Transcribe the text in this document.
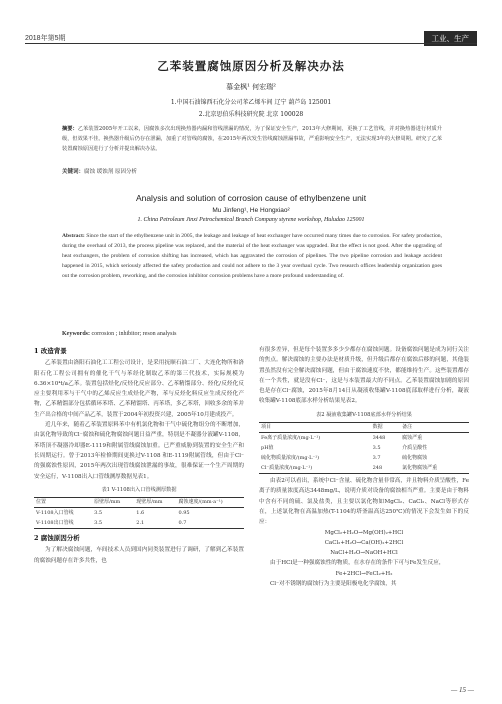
2018年第5期	工业、生产
乙苯装置腐蚀原因分析及解决办法
慕金枫¹ 何宏瑞²
1.中国石油锦西石化分公司苯乙烯车间 辽宁 葫芦岛 125001
2.北京思伯乐科技研究院 北京 100028
摘要：乙苯装置2005年开工以来，因腐蚀多次出现换热器内漏和管线泄漏的情况，为了保证安全生产，2013年大修期间，更换了工艺管线，并对换热器进行材质升级，但效果不佳。换热器升级后仍存在泄漏，加重了对管线的腐蚀，在2015年两次发生管线腐蚀泄漏事故，严重影响安全生产，无法实现3年的大修周期。研究了乙苯装置腐蚀原因进行了分析并提出解决办法。
关键词：腐蚀 缓蚀剂 原因分析
Analysis and solution of corrosion cause of ethylbenzene unit
Mu Jinfeng¹, He Hongxiao²
1. China Petroleum Jinxi Petrochemical Branch Company styrene workshop, Huludao 125001
Abstract: Since the start of the ethylbenzene unit in 2005, the leakage and leakage of heat exchanger have occurred many times due to corrosion. For safety production, during the overhaul of 2013, the process pipeline was replaced, and the material of the heat exchanger was upgraded. But the effect is not good. After the upgrading of heat exchangers, the problem of corrosion shifting has increased, which has aggravated the corrosion of pipelines. The two pipeline corrosion and leakage accident happened in 2015, which seriously affected the safety production and could not adhere to the 3 year overhaul cycle. Two research offices leadership organization goes out the corrosion problem, reworking, and the corrosion inhibitor corrosion problems have a more profound understanding of.
Keywords: corrosion ; inhibitor; reson analysis
1 改造背景
乙苯装置由洛阳石油化工工程公司设计，是采用抚顺石油二厂、大连化物所和洛阳石化工程公司拥有的催化干气与苯经化制取乙苯的第三代技术，实际规模为6.36×10⁴t/a乙苯。装置包括烃化/反烃化反应部分、乙苯精馏部分、烃化/反烃化反应主要利用苯与干气中的乙烯反应生成烃化产物，苯与反烃化料反应生成反烃化产物，乙苯精馏部分包括循环苯塔、乙苯精馏塔、丙苯塔，多乙苯塔，回收多余的苯并生产出合格的中间产品乙苯，装置于2004年初投资兴建，2005年10月建成投产。
近几年来，随着乙苯装置原料苯中有机氯化物和干气中硫化物组分的不断增加，由氯化物导致的Cl⁻腐蚀和硫化物腐蚀问题日益严重，特别是不凝器分液罐V-1108，苯塔顶不凝器冷却器E-1119和附属管线腐蚀加重。已严重威胁到装置的安全生产和长周期运行。曾于2013年检修期间更换过V-1108 和E-1119附属管线，但由于Cl⁻的强腐蚀性原因，2015年两次出现管线腐蚀泄漏的事故，很难保证一个生产周期的安全运行，V-1108出入口管线测厚数据见表1。
表1 V-1108出入口管线测厚数据
位置	原壁厚/mm	现壁厚/mm	腐蚀速度/(mm·a⁻¹)
V-1108入口管线	3.5	1.6	0.95
V-1108出口管线	3.5	2.1	0.7
2 腐蚀原因分析
为了解决腐蚀问题，车间技术人员到国内同类装置进行了调研，了解到乙苯装置的腐蚀问题存在许多共性，也
有很多差异，但是每个装置多多少少都存在腐蚀问题。设备腐蚀问题是成为同行关注的焦点。解决腐蚀的主要办法是材质升级，但升级后都存在腐蚀后移的问题，其他装置虽然没有完全解决腐蚀问题，但由于腐蚀速度不快，都能维持生产。这些装置都存在一个共性，就是没有Cl⁻，这是与本装置最大的不同点。乙苯装置腐蚀加剧的原因也是存在Cl⁻腐蚀，2015年8月14日从凝液收集罐V-1108底部取样进行分析，凝液收集罐V-1108底部水样分析结果见表2。
表2 凝液收集罐V-1108底部水样分析结果
项目	数据	备注
Fe离子质量浓度/(mg·L⁻¹)	3448	腐蚀严重
pH值	3.5	介质呈酸性
硫化物质量浓度/(mg·L⁻¹)	3.7	硫化物腐蚀
Cl⁻质量浓度/(mg·L⁻¹)	248	氯化物腐蚀严重
由表2可以看出，系统中Cl⁻含量、硫化物含量非常高，并且物料介质呈酸性，Fe离子的质量浓度高达3448mg/L，说明介质对设备的腐蚀相当严重。主要是由于物料中含有不同的硫、氯及盐类，且主要以氯化物如MgCl₂、CaCl₂、NaCl等形式存在，上述氯化物在高温加热(T-1104的塔釜温高达250℃)的情况下会发生如下的反应：
MgCl₂+H₂O→Mg(OH)₂+HCl
CaCl₂+H₂O→Ca(OH)₂+2HCl
NaCl+H₂O→NaOH+HCl
由于HCl是一种强腐蚀性的物质，在水存在的条件下可与Fe发生反应，
Fe+2HCl→FeCl₂+H₂
Cl⁻对不锈钢的腐蚀行为主要是阳极电化学腐蚀，其
— 15 —
